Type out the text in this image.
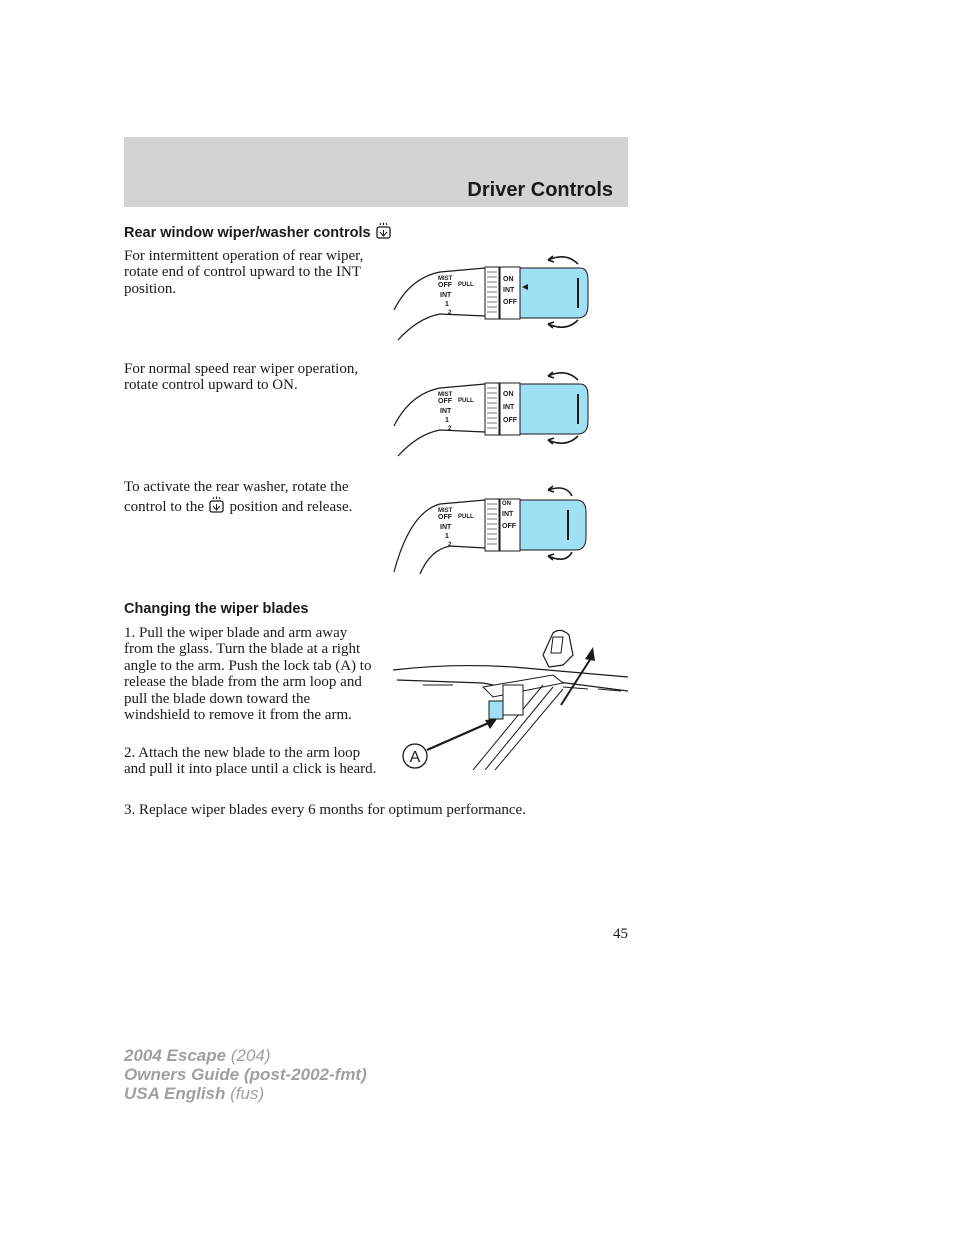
Driver Controls
Rear window wiper/washer controls

For intermittent operation of rear wiper, rotate end of control upward to the INT position.

For normal speed rear wiper operation, rotate control upward to ON.

To activate the rear washer, rotate the control to the position and release.

MIST
OFF PULL
INT
1
2
ON
INT
OFF
MIST
OFF PULL
INT
1
2
ON
INT
OFF
MIST
OFF PULL
INT
1
2
ON
INT
OFF
Changing the wiper blades

1. Pull the wiper blade and arm away from the glass. Turn the blade at a right angle to the arm. Push the lock tab (A) to release the blade from the arm loop and pull the blade down toward the windshield to remove it from the arm.

2. Attach the new blade to the arm loop and pull it into place until a click is heard.

3. Replace wiper blades every 6 months for optimum performance.

A
45
2004 Escape (204)
Owners Guide (post-2002-fmt)
USA English (fus)
